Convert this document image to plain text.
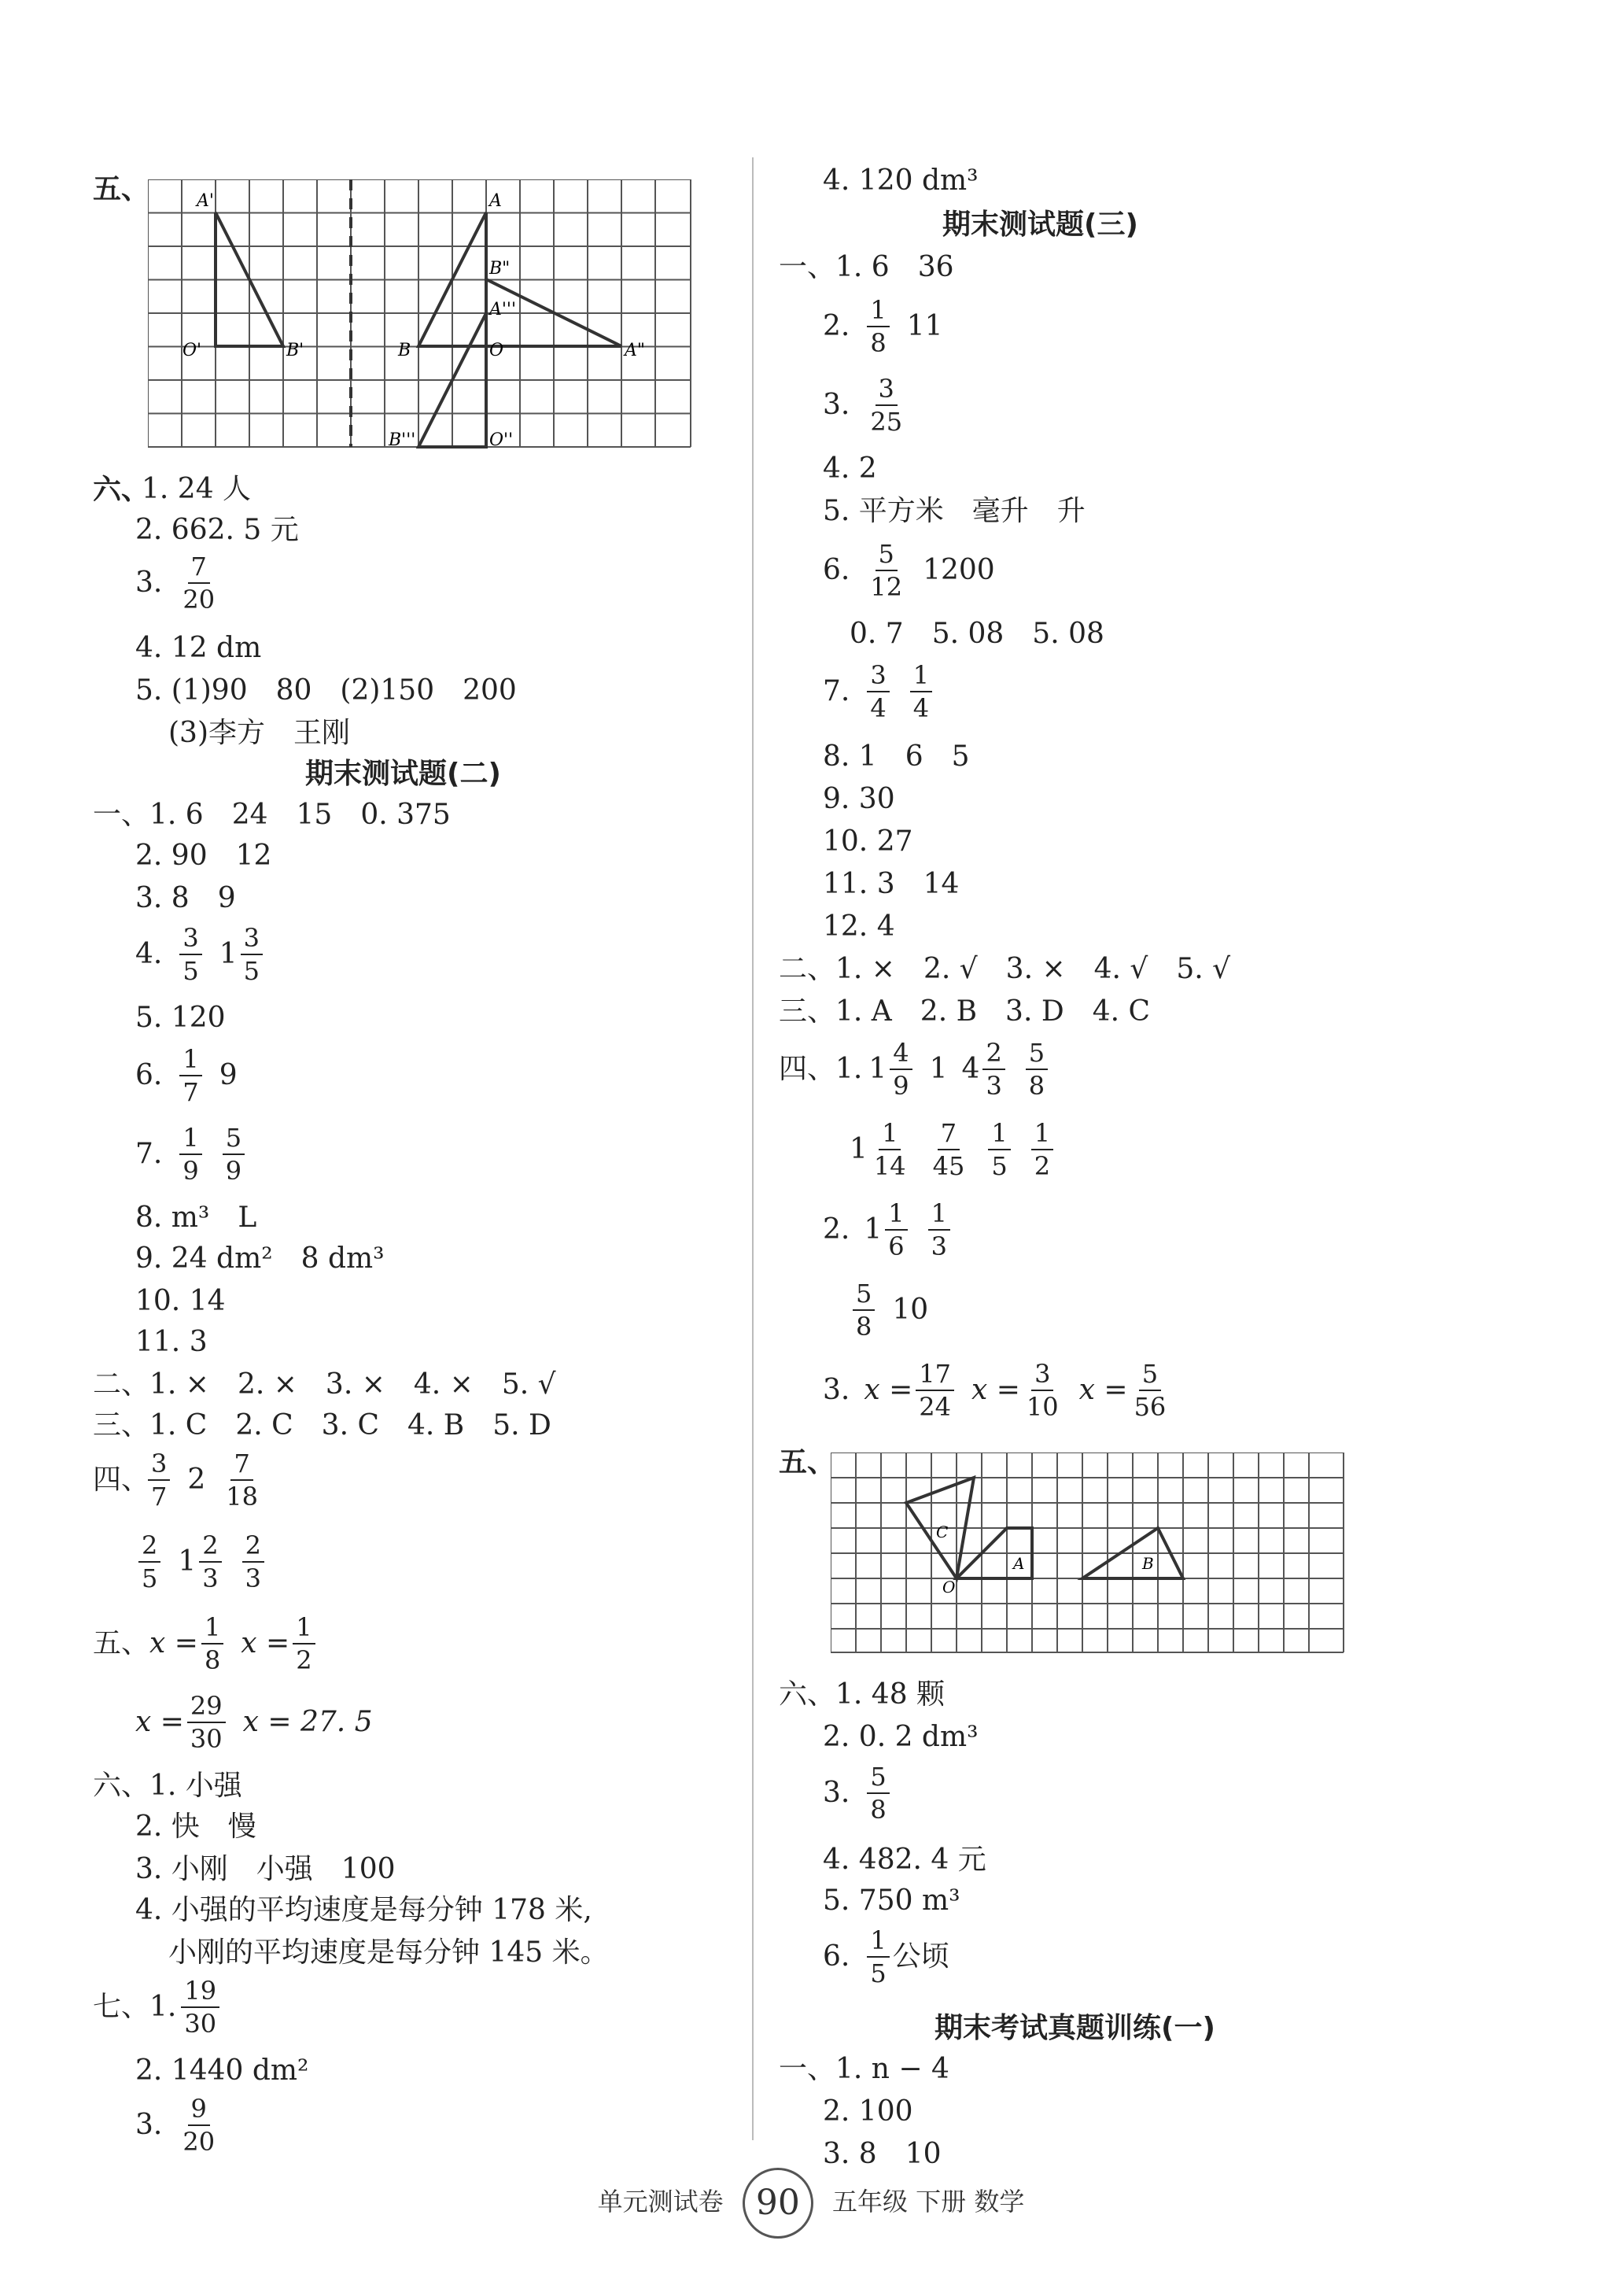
五、	A'
O'	B'
A
B"
A'''
B	O	A"
B'''	O''
六、
1. 24 人
2. 662. 5 元
3. $\frac{7}{20}$
4. 12 dm
5. (1)90　80　(2)150　200
(3)李方　王刚
期末测试题(二)
一、1. 6　24　15　0. 375
2. 90　12
3. 8　9
4. $\frac{3}{5} 1 \frac{3}{5}$
5. 120
6. $\frac{1}{7} 9$
7. $\frac{1}{9} \frac{5}{9}$
8. m³　L
9. 24 dm²　8 dm³
10. 14
11. 3
二、1. ×　2. ×　3. ×　4. ×　5. √
三、1. C　2. C　3. C　4. B　5. D
四、
$\frac{3}{7} 2 \frac{7}{18}$
$\frac{2}{5} 1 \frac{2}{3} \frac{2}{3}$
五、 $x = \frac{1}{8}$ $x = \frac{1}{2}$
$x = \frac{29}{30}$ x = 27. 5
六、1. 小强
2. 快　慢
3. 小刚　小强　100
4. 小强的平均速度是每分钟 178 米,
小刚的平均速度是每分钟 145 米。
七、1. $\frac{19}{30}$
2. 1440 dm²
3. $\frac{9}{20}$
4. 120 dm³
期末测试题(三)
一、1. 6　36
2. $\frac{1}{8} 11$
3. $\frac{3}{25}$
4. 2
5. 平方米　毫升　升
6. $\frac{5}{12} 1200$
0. 7　5. 08　5. 08
7. $\frac{3}{4} \frac{1}{4}$
8. 1　6　5
9. 30
10. 27
11. 3　14
12. 4
二、1. ×　2. √　3. ×　4. √　5. √
三、1. A　2. B　3. D　4. C
四、1. $1 \frac{4}{9} 1$ $4 \frac{2}{3} \frac{5}{8}$
$1 \frac{1}{14} \frac{7}{45} \frac{1}{5} \frac{1}{2}$
2. $1 \frac{1}{6} \frac{1}{3}$
$\frac{5}{8} 10$
3. $x = \frac{17}{24}$ $x = \frac{3}{10}$ $x = \frac{5}{56}$
五、
C
A	B
O
六、1. 48 颗
2. 0. 2 dm³
3. $\frac{5}{8}$
4. 482. 4 元
5. 750 m³
6. $\frac{1}{5}$ 公顷
期末考试真题训练(一)
一、1. n − 4
2. 100
3. 8　10
单元测试卷 90 五年级 下册 数学
